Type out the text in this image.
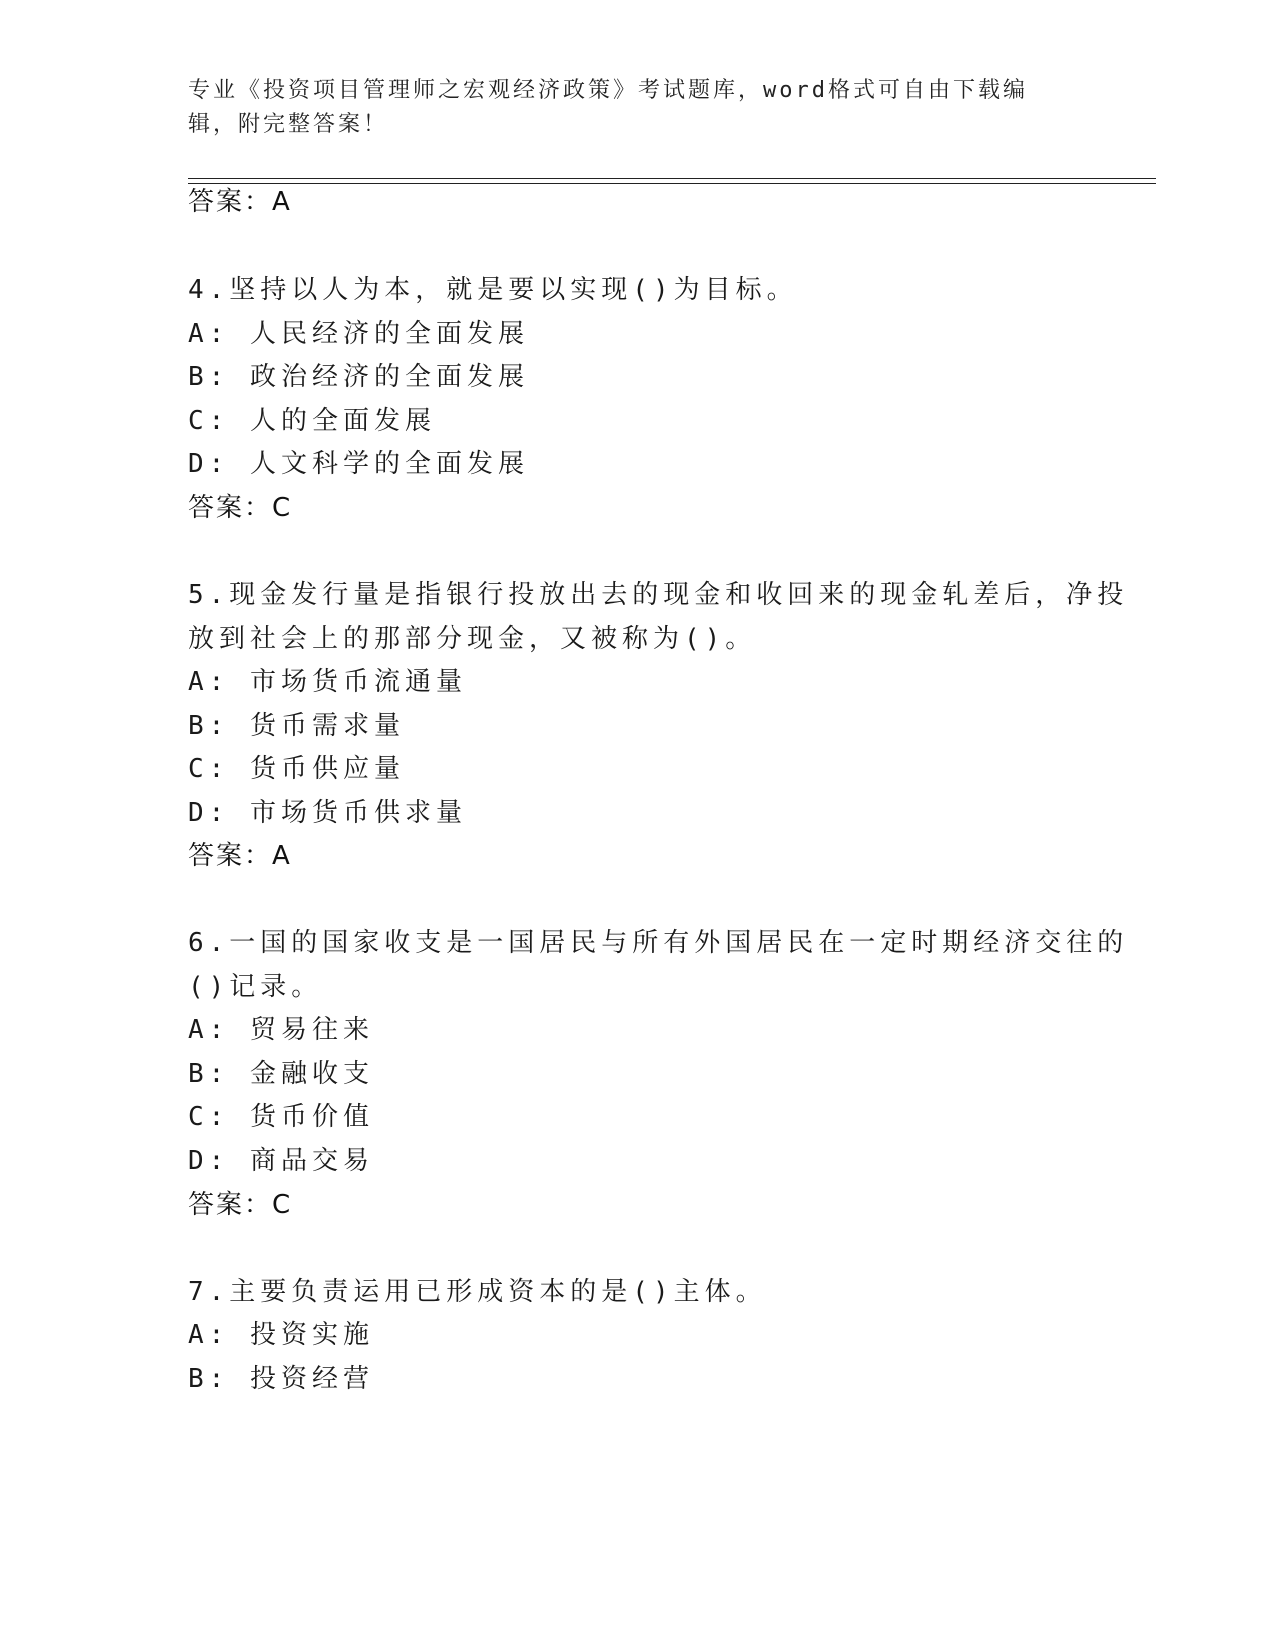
专业《投资项目管理师之宏观经济政策》考试题库，word格式可自由下载编辑，附完整答案！
答案：A
4.坚持以人为本，就是要以实现()为目标。
A: 人民经济的全面发展
B: 政治经济的全面发展
C: 人的全面发展
D: 人文科学的全面发展
答案：C
5.现金发行量是指银行投放出去的现金和收回来的现金轧差后，净投
放到社会上的那部分现金，又被称为()。
A: 市场货币流通量
B: 货币需求量
C: 货币供应量
D: 市场货币供求量
答案：A
6.一国的国家收支是一国居民与所有外国居民在一定时期经济交往的
()记录。
A: 贸易往来
B: 金融收支
C: 货币价值
D: 商品交易
答案：C
7.主要负责运用已形成资本的是()主体。
A: 投资实施
B: 投资经营
